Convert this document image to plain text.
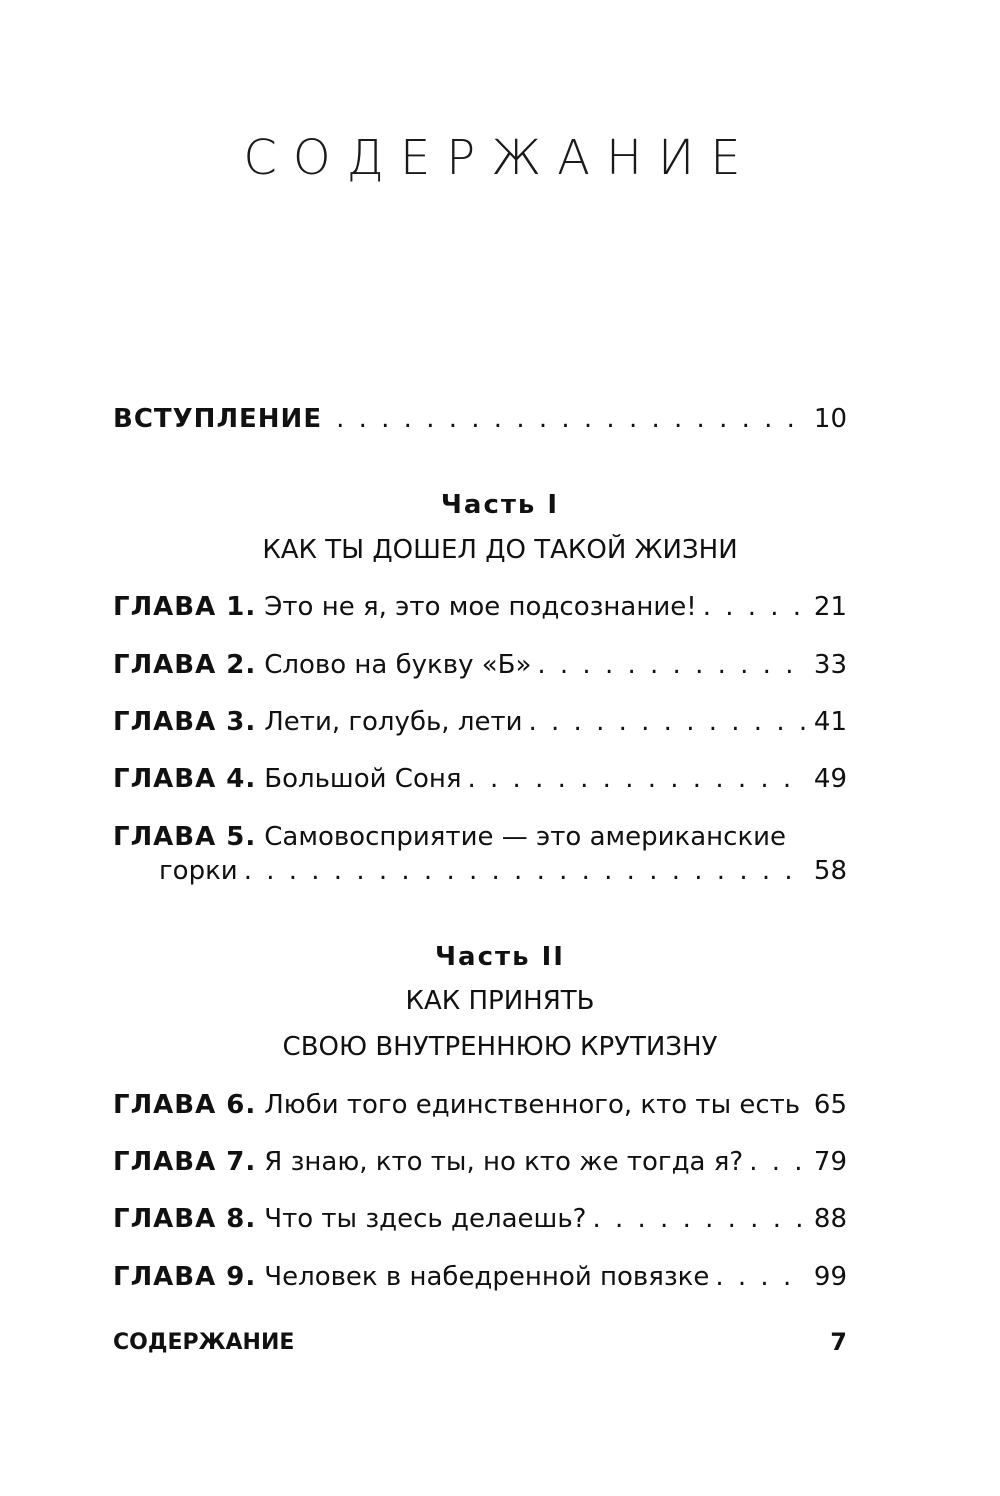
СОДЕРЖАНИЕ
ВСТУПЛЕНИЕ . . .	10
Часть I
КАК ТЫ ДОШЕЛ ДО ТАКОЙ ЖИЗНИ
ГЛАВА 1. Это не я, это мое подсознание! . . .	21
ГЛАВА 2. Слово на букву «Б» . . .	33
ГЛАВА 3. Лети, голубь, лети . . .	41
ГЛАВА 4. Большой Соня . . .	49
ГЛАВА 5. Самовосприятие — это американские
горки . . .	58
Часть II
КАК ПРИНЯТЬ
СВОЮ ВНУТРЕННЮЮ КРУТИЗНУ
ГЛАВА 6. Люби того единственного, кто ты есть . . . 65
ГЛАВА 7. Я знаю, кто ты, но кто же тогда я? . . .	79
ГЛАВА 8. Что ты здесь делаешь? . . .	88
ГЛАВА 9. Человек в набедренной повязке . . .	99
СОДЕРЖАНИЕ	7
